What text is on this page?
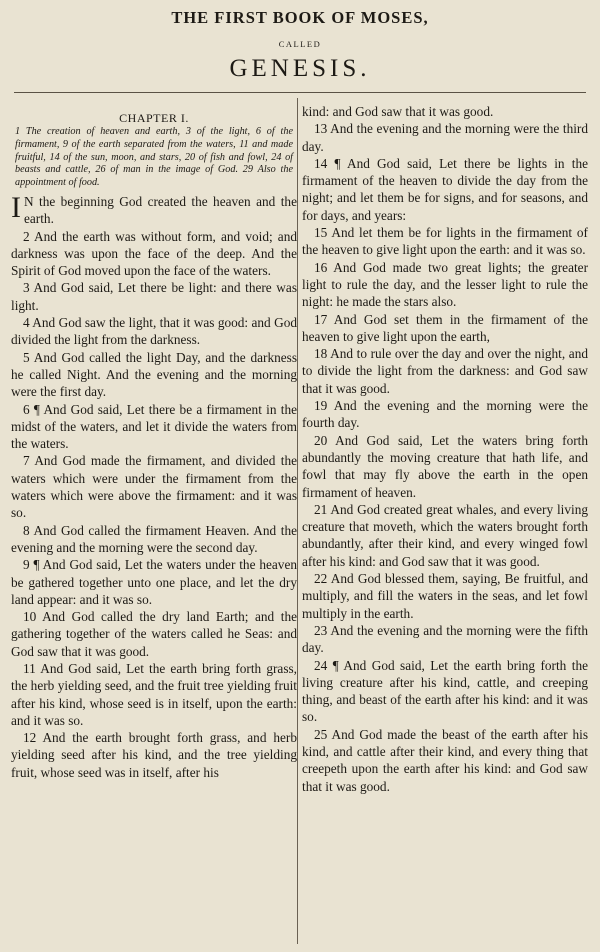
THE FIRST BOOK OF MOSES,
CALLED
GENESIS.
CHAPTER I.
1 The creation of heaven and earth, 3 of the light, 6 of the firmament, 9 of the earth separated from the waters, 11 and made fruitful, 14 of the sun, moon, and stars, 20 of fish and fowl, 24 of beasts and cattle, 26 of man in the image of God. 29 Also the appointment of food.

I N the beginning God created the heaven and the earth.

2 And the earth was without form, and void; and darkness was upon the face of the deep. And the Spirit of God moved upon the face of the waters.

3 And God said, Let there be light: and there was light.

4 And God saw the light, that it was good: and God divided the light from the darkness.

5 And God called the light Day, and the darkness he called Night. And the evening and the morning were the first day.

6 ¶ And God said, Let there be a firmament in the midst of the waters, and let it divide the waters from the waters.

7 And God made the firmament, and divided the waters which were under the firmament from the waters which were above the firmament: and it was so.

8 And God called the firmament Heaven. And the evening and the morning were the second day.

9 ¶ And God said, Let the waters under the heaven be gathered together unto one place, and let the dry land appear: and it was so.

10 And God called the dry land Earth; and the gathering together of the waters called he Seas: and God saw that it was good.

11 And God said, Let the earth bring forth grass, the herb yielding seed, and the fruit tree yielding fruit after his kind, whose seed is in itself, upon the earth: and it was so.

12 And the earth brought forth grass, and herb yielding seed after his kind, and the tree yielding fruit, whose seed was in itself, after his

kind: and God saw that it was good.

13 And the evening and the morning were the third day.

14 ¶ And God said, Let there be lights in the firmament of the heaven to divide the day from the night; and let them be for signs, and for seasons, and for days, and years:

15 And let them be for lights in the firmament of the heaven to give light upon the earth: and it was so.

16 And God made two great lights; the greater light to rule the day, and the lesser light to rule the night: he made the stars also.

17 And God set them in the firmament of the heaven to give light upon the earth,

18 And to rule over the day and over the night, and to divide the light from the darkness: and God saw that it was good.

19 And the evening and the morning were the fourth day.

20 And God said, Let the waters bring forth abundantly the moving creature that hath life, and fowl that may fly above the earth in the open firmament of heaven.

21 And God created great whales, and every living creature that moveth, which the waters brought forth abundantly, after their kind, and every winged fowl after his kind: and God saw that it was good.

22 And God blessed them, saying, Be fruitful, and multiply, and fill the waters in the seas, and let fowl multiply in the earth.

23 And the evening and the morning were the fifth day.

24 ¶ And God said, Let the earth bring forth the living creature after his kind, cattle, and creeping thing, and beast of the earth after his kind: and it was so.

25 And God made the beast of the earth after his kind, and cattle after their kind, and every thing that creepeth upon the earth after his kind: and God saw that it was good.
